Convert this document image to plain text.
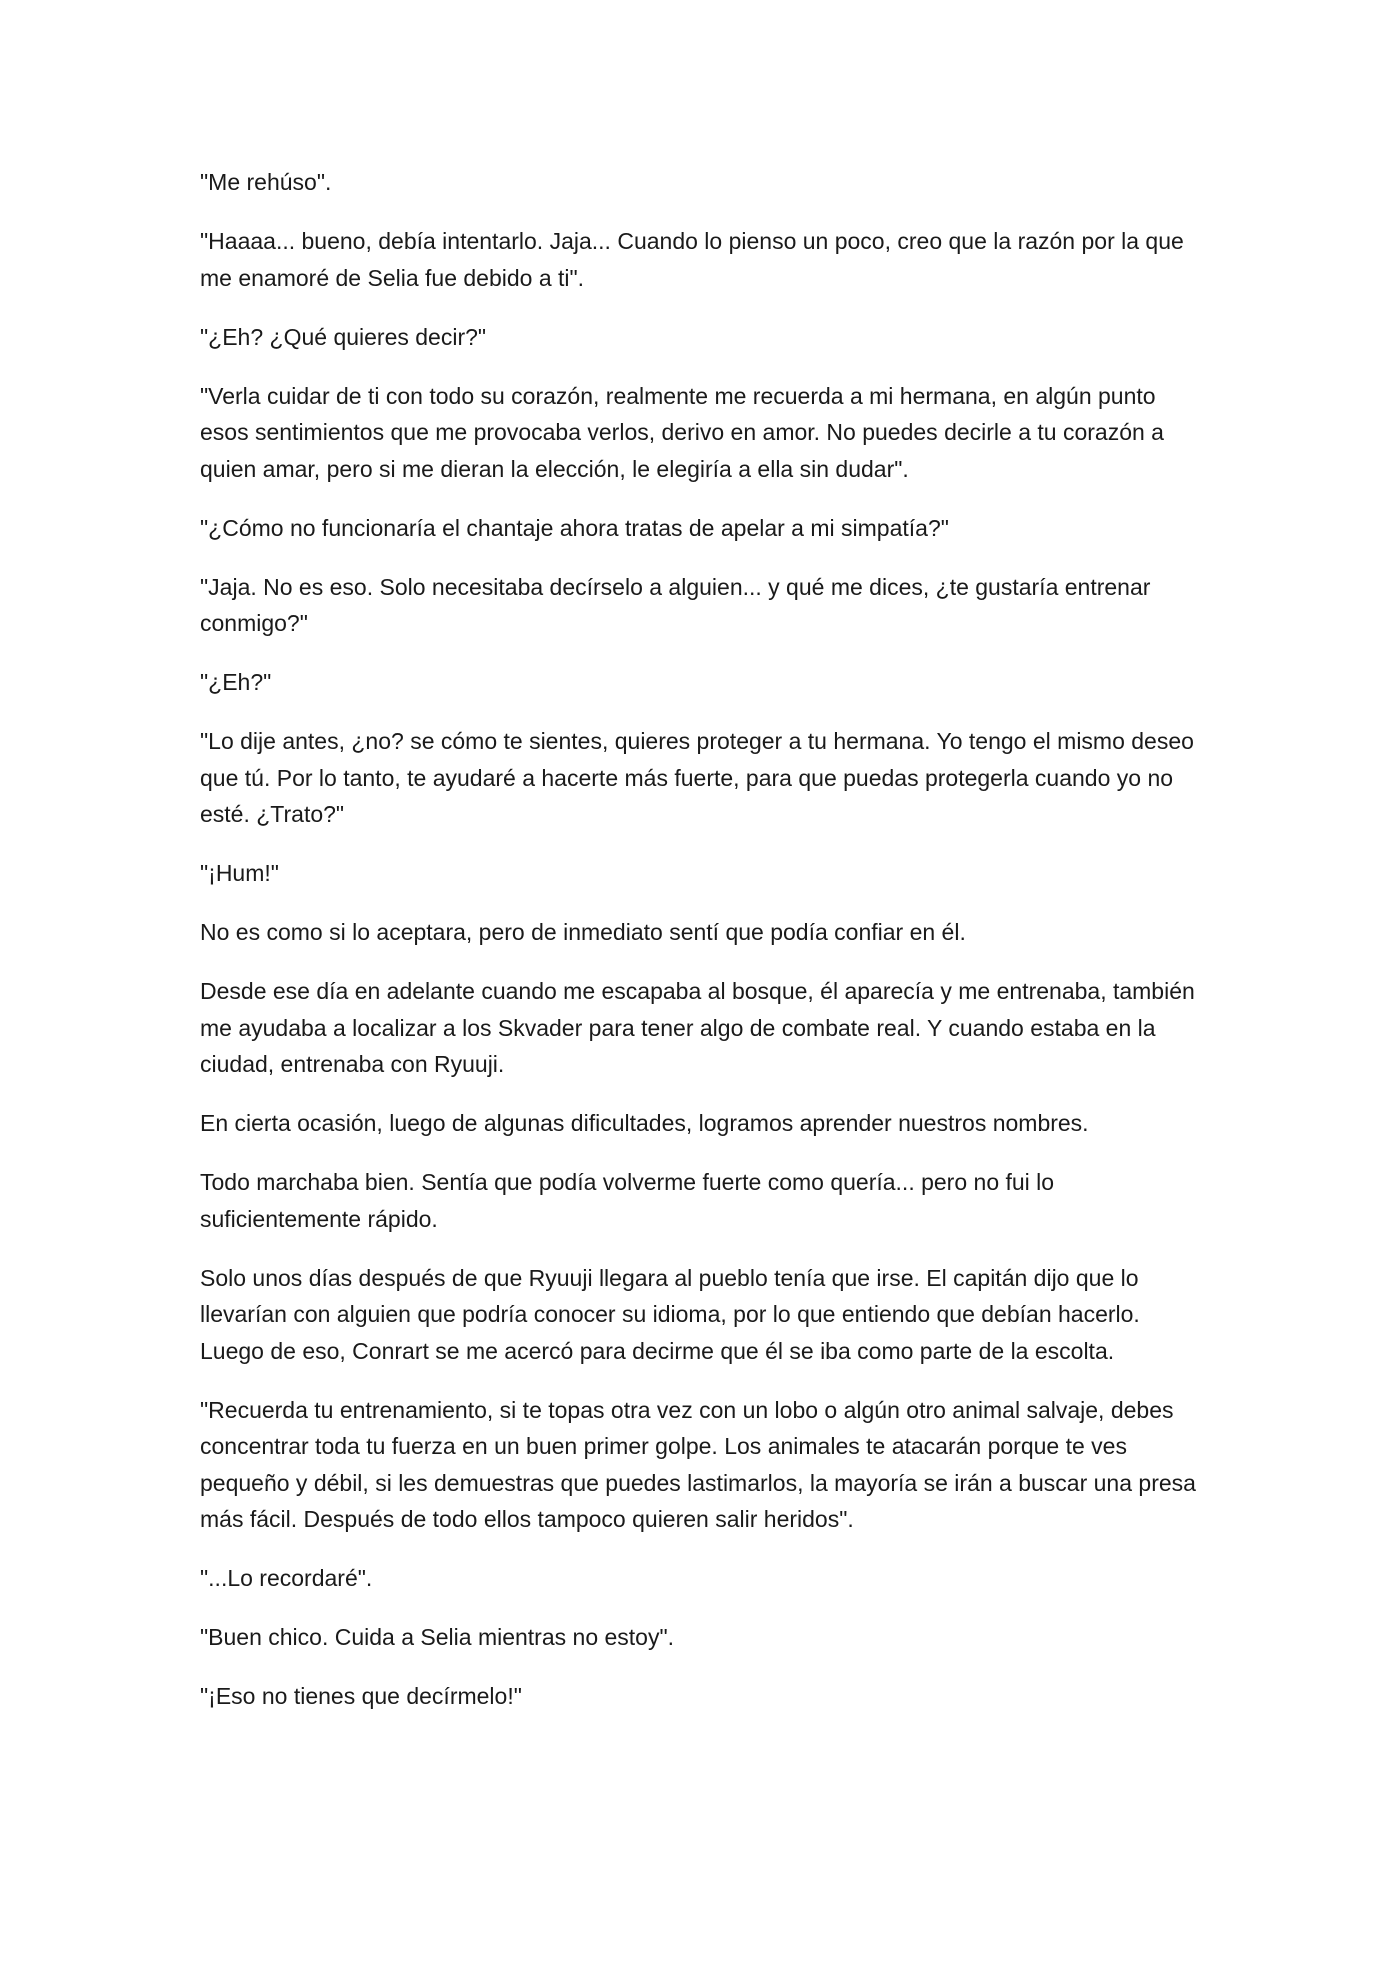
"Me rehúso".

"Haaaa... bueno, debía intentarlo. Jaja... Cuando lo pienso un poco, creo que la razón por la que me enamoré de Selia fue debido a ti".

"¿Eh? ¿Qué quieres decir?"

"Verla cuidar de ti con todo su corazón, realmente me recuerda a mi hermana, en algún punto esos sentimientos que me provocaba verlos, derivo en amor. No puedes decirle a tu corazón a quien amar, pero si me dieran la elección, le elegiría a ella sin dudar".

"¿Cómo no funcionaría el chantaje ahora tratas de apelar a mi simpatía?"

"Jaja. No es eso. Solo necesitaba decírselo a alguien... y qué me dices, ¿te gustaría entrenar conmigo?"

"¿Eh?"

"Lo dije antes, ¿no? se cómo te sientes, quieres proteger a tu hermana. Yo tengo el mismo deseo que tú. Por lo tanto, te ayudaré a hacerte más fuerte, para que puedas protegerla cuando yo no esté. ¿Trato?"

"¡Hum!"

No es como si lo aceptara, pero de inmediato sentí que podía confiar en él.

Desde ese día en adelante cuando me escapaba al bosque, él aparecía y me entrenaba, también me ayudaba a localizar a los Skvader para tener algo de combate real. Y cuando estaba en la ciudad, entrenaba con Ryuuji.

En cierta ocasión, luego de algunas dificultades, logramos aprender nuestros nombres.

Todo marchaba bien. Sentía que podía volverme fuerte como quería... pero no fui lo suficientemente rápido.

Solo unos días después de que Ryuuji llegara al pueblo tenía que irse. El capitán dijo que lo llevarían con alguien que podría conocer su idioma, por lo que entiendo que debían hacerlo. Luego de eso, Conrart se me acercó para decirme que él se iba como parte de la escolta.

"Recuerda tu entrenamiento, si te topas otra vez con un lobo o algún otro animal salvaje, debes concentrar toda tu fuerza en un buen primer golpe. Los animales te atacarán porque te ves pequeño y débil, si les demuestras que puedes lastimarlos, la mayoría se irán a buscar una presa más fácil. Después de todo ellos tampoco quieren salir heridos".

"...Lo recordaré".

"Buen chico. Cuida a Selia mientras no estoy".

"¡Eso no tienes que decírmelo!"
